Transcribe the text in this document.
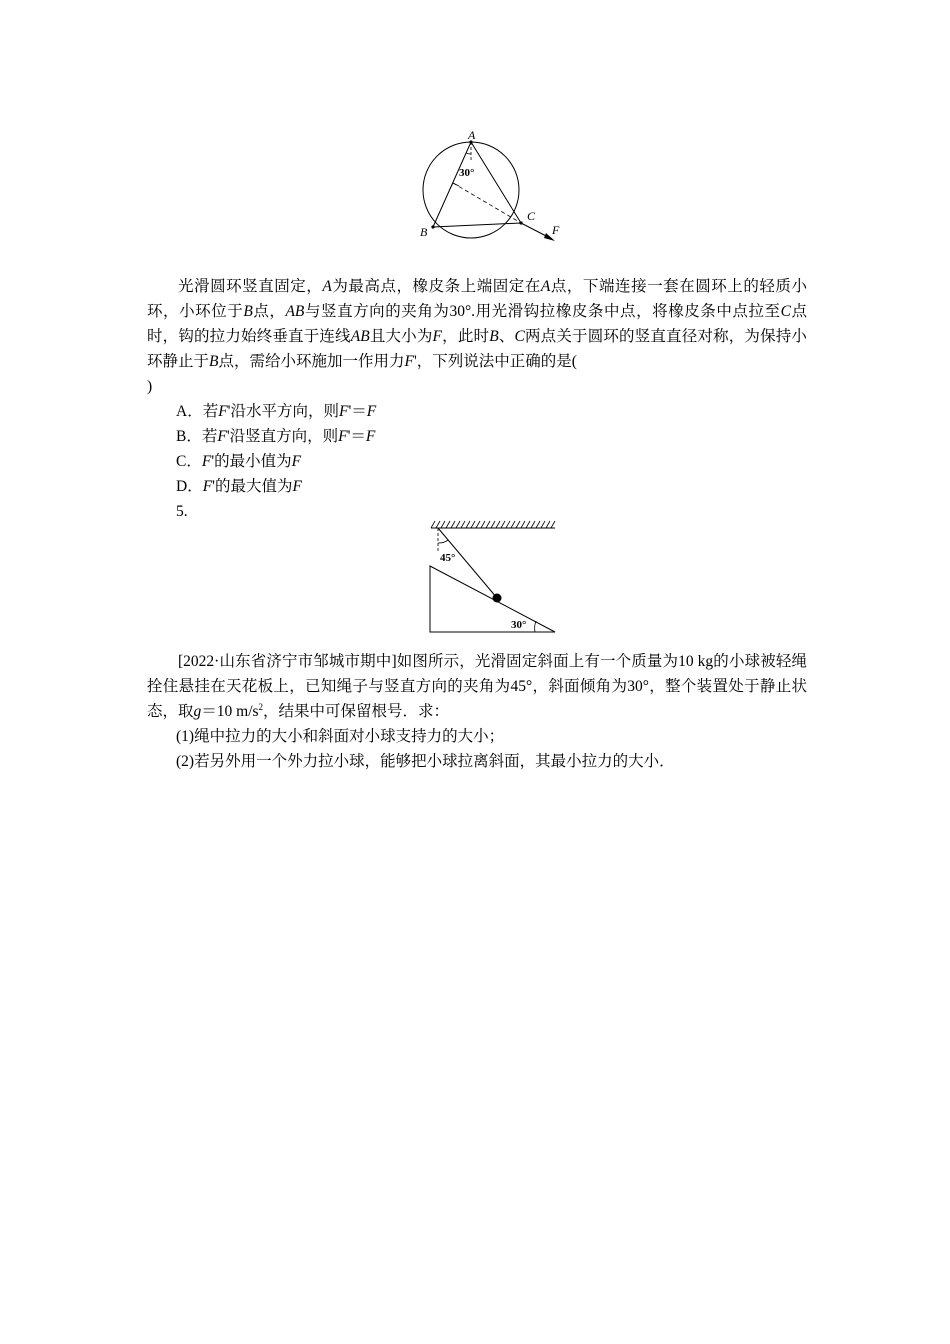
A
B
C
F
30°
光滑圆环竖直固定，A为最高点，橡皮条上端固定在A点，下端连接一套在圆环上的轻质小环，小环位于B点，AB与竖直方向的夹角为30°.用光滑钩拉橡皮条中点，将橡皮条中点拉至C点时，钩的拉力始终垂直于连线AB且大小为F，此时B、C两点关于圆环的竖直直径对称，为保持小环静止于B点，需给小环施加一作用力F'，下列说法中正确的是(
)
A．若F'沿水平方向，则F'＝F
B．若F'沿竖直方向，则F'＝F
C．F'的最小值为F
D．F'的最大值为F
5.
45°
30°
[2022·山东省济宁市邹城市期中]如图所示，光滑固定斜面上有一个质量为10 kg的小球被轻绳拴住悬挂在天花板上，已知绳子与竖直方向的夹角为45°，斜面倾角为30°，整个装置处于静止状态，取g＝10 $m/s^2$，结果中可保留根号．求：
(1)绳中拉力的大小和斜面对小球支持力的大小；
(2)若另外用一个外力拉小球，能够把小球拉离斜面，其最小拉力的大小．
